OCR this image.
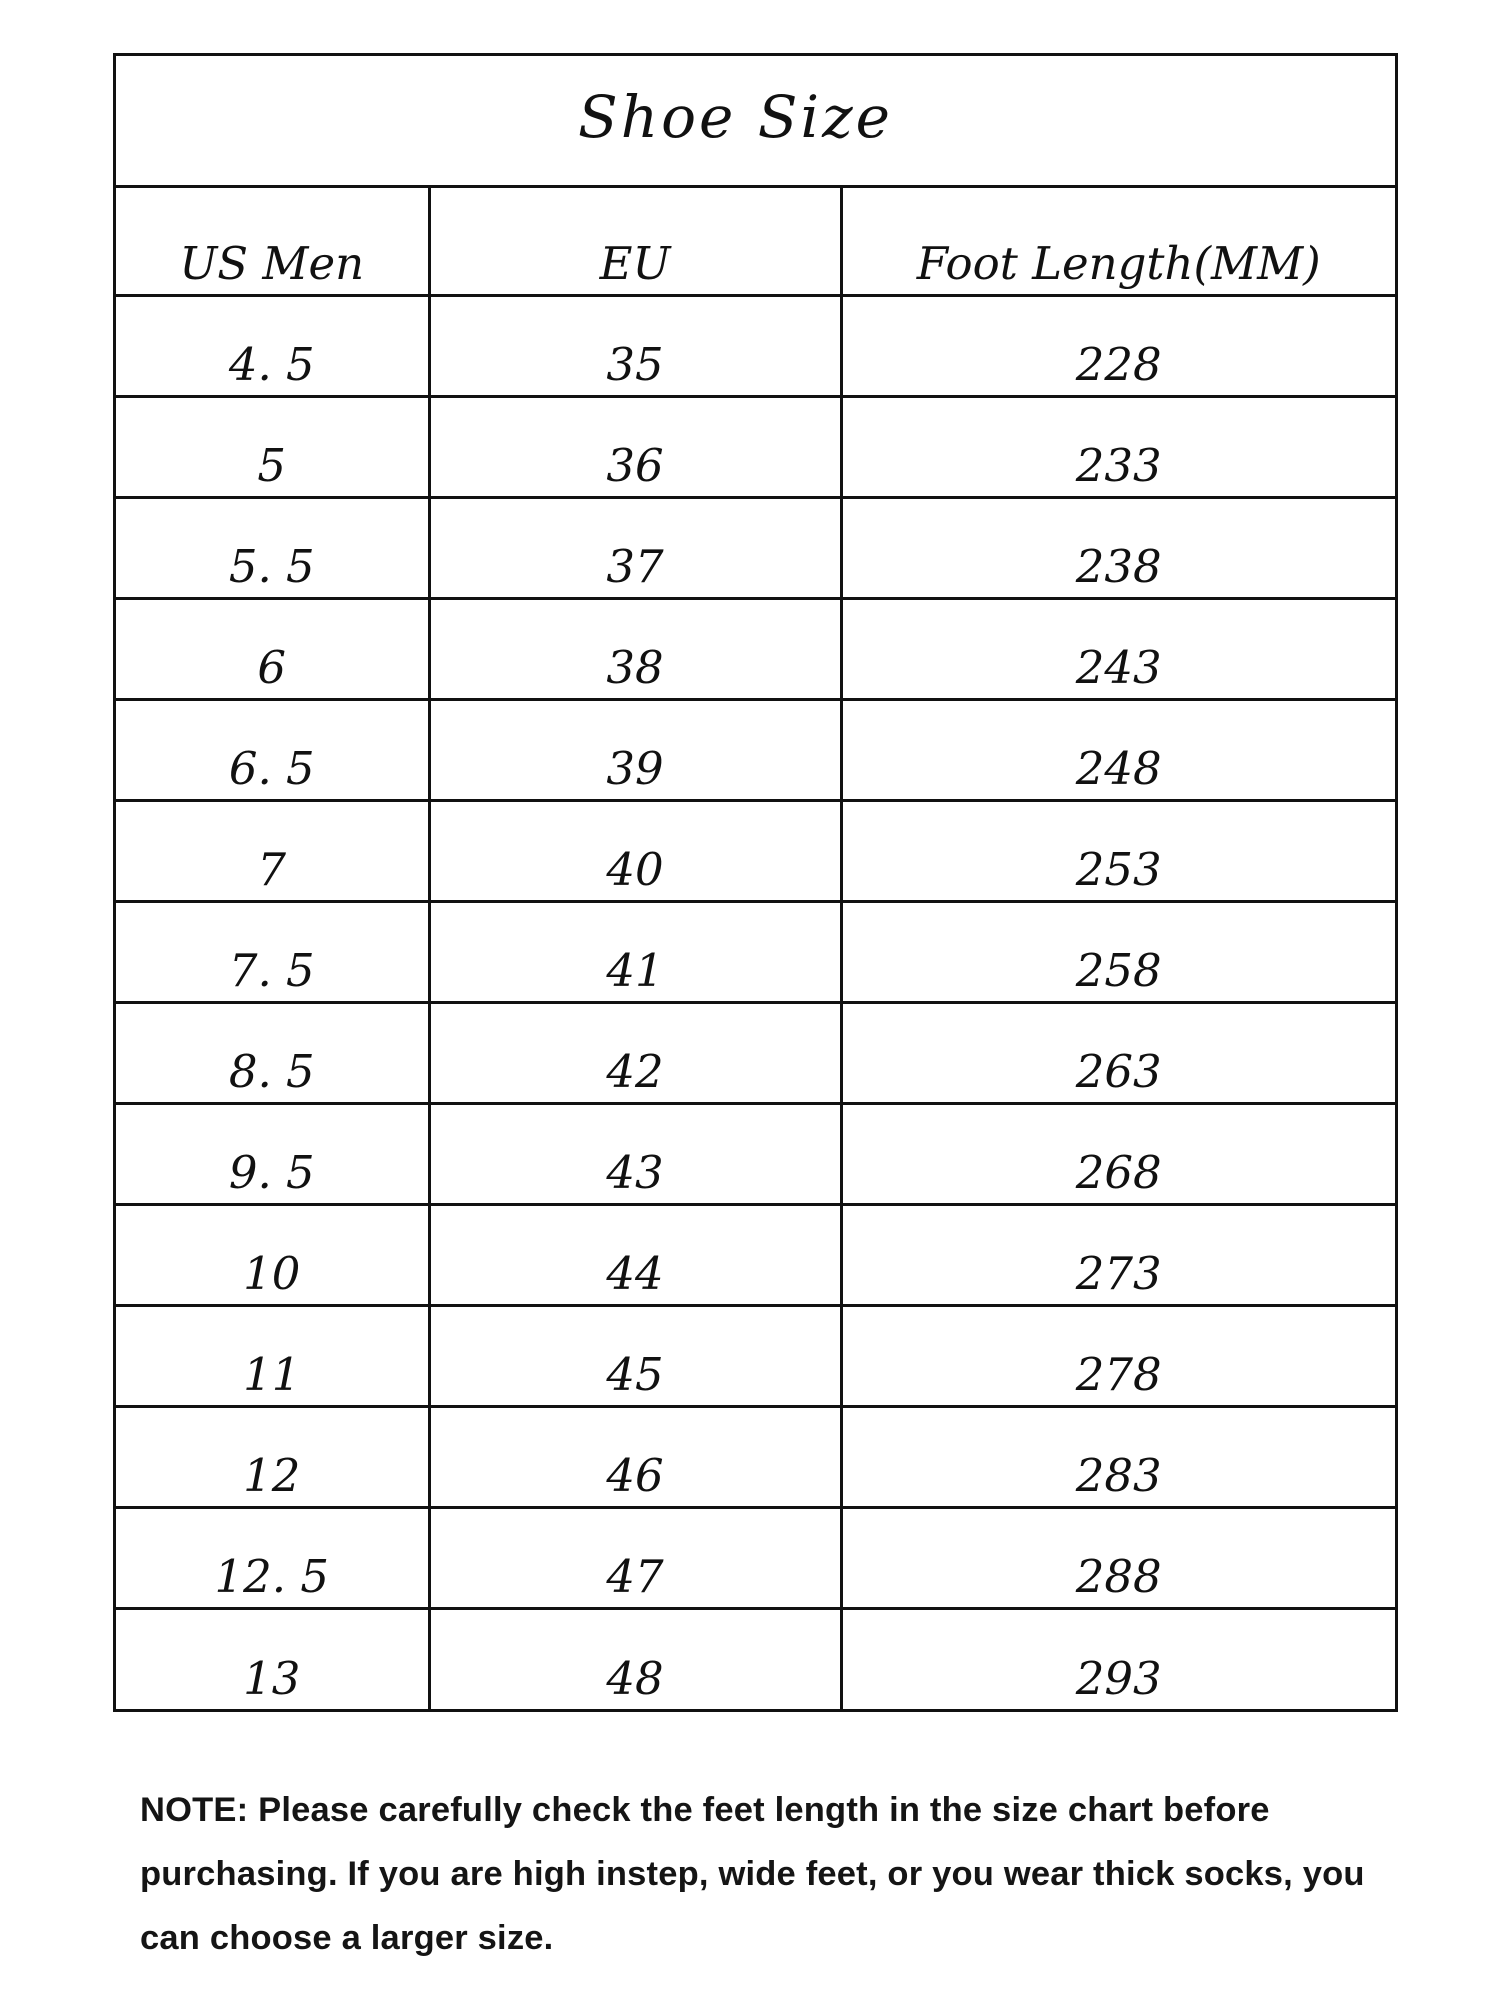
Shoe Size
US Men	EU	Foot Length(MM)
4. 5	35	228
5	36	233
5. 5	37	238
6	38	243
6. 5	39	248
7	40	253
7. 5	41	258
8. 5	42	263
9. 5	43	268
10	44	273
11	45	278
12	46	283
12. 5	47	288
13	48	293
NOTE: Please carefully check the feet length in the size chart before purchasing. If you are high instep, wide feet, or you wear thick socks, you can choose a larger size.
